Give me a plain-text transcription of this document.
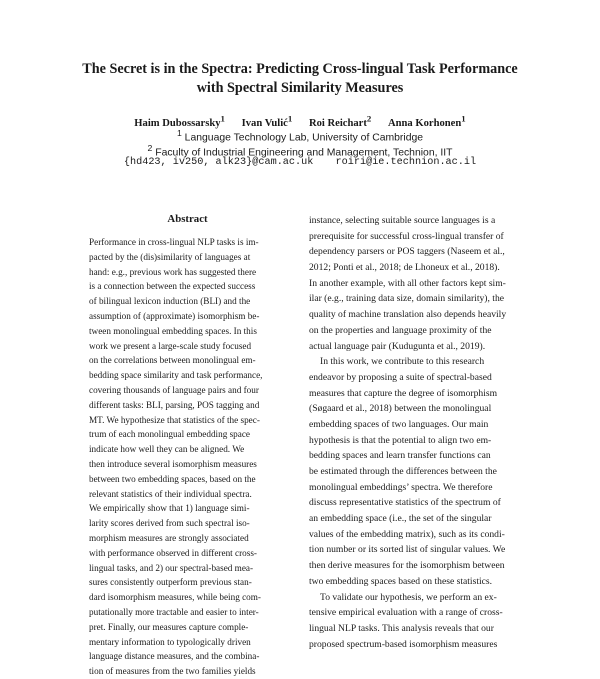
The Secret is in the Spectra: Predicting Cross-lingual Task Performance
with Spectral Similarity Measures
Haim Dubossarsky$^1$ Ivan Vulić$^1$ Roi Reichart$^2$ Anna Korhonen$^1$
$^1$ Language Technology Lab, University of Cambridge
$^2$ Faculty of Industrial Engineering and Management, Technion, IIT
{hd423, iv250, alk23}@cam.ac.uk roiri@ie.technion.ac.il
Abstract
Performance in cross-lingual NLP tasks is im-
pacted by the (dis)similarity of languages at
hand: e.g., previous work has suggested there
is a connection between the expected success
of bilingual lexicon induction (BLI) and the
assumption of (approximate) isomorphism be-
tween monolingual embedding spaces. In this
work we present a large-scale study focused
on the correlations between monolingual em-
bedding space similarity and task performance,
covering thousands of language pairs and four
different tasks: BLI, parsing, POS tagging and
MT. We hypothesize that statistics of the spec-
trum of each monolingual embedding space
indicate how well they can be aligned. We
then introduce several isomorphism measures
between two embedding spaces, based on the
relevant statistics of their individual spectra.
We empirically show that 1) language simi-
larity scores derived from such spectral iso-
morphism measures are strongly associated
with performance observed in different cross-
lingual tasks, and 2) our spectral-based mea-
sures consistently outperform previous stan-
dard isomorphism measures, while being com-
putationally more tractable and easier to inter-
pret. Finally, our measures capture comple-
mentary information to typologically driven
language distance measures, and the combina-
tion of measures from the two families yields
instance, selecting suitable source languages is a
prerequisite for successful cross-lingual transfer of
dependency parsers or POS taggers (Naseem et al.,
2012; Ponti et al., 2018; de Lhoneux et al., 2018).
In another example, with all other factors kept sim-
ilar (e.g., training data size, domain similarity), the
quality of machine translation also depends heavily
on the properties and language proximity of the
actual language pair (Kudugunta et al., 2019).
In this work, we contribute to this research
endeavor by proposing a suite of spectral-based
measures that capture the degree of isomorphism
(Søgaard et al., 2018) between the monolingual
embedding spaces of two languages. Our main
hypothesis is that the potential to align two em-
bedding spaces and learn transfer functions can
be estimated through the differences between the
monolingual embeddings’ spectra. We therefore
discuss representative statistics of the spectrum of
an embedding space (i.e., the set of the singular
values of the embedding matrix), such as its condi-
tion number or its sorted list of singular values. We
then derive measures for the isomorphism between
two embedding spaces based on these statistics.
To validate our hypothesis, we perform an ex-
tensive empirical evaluation with a range of cross-
lingual NLP tasks. This analysis reveals that our
proposed spectrum-based isomorphism measures
